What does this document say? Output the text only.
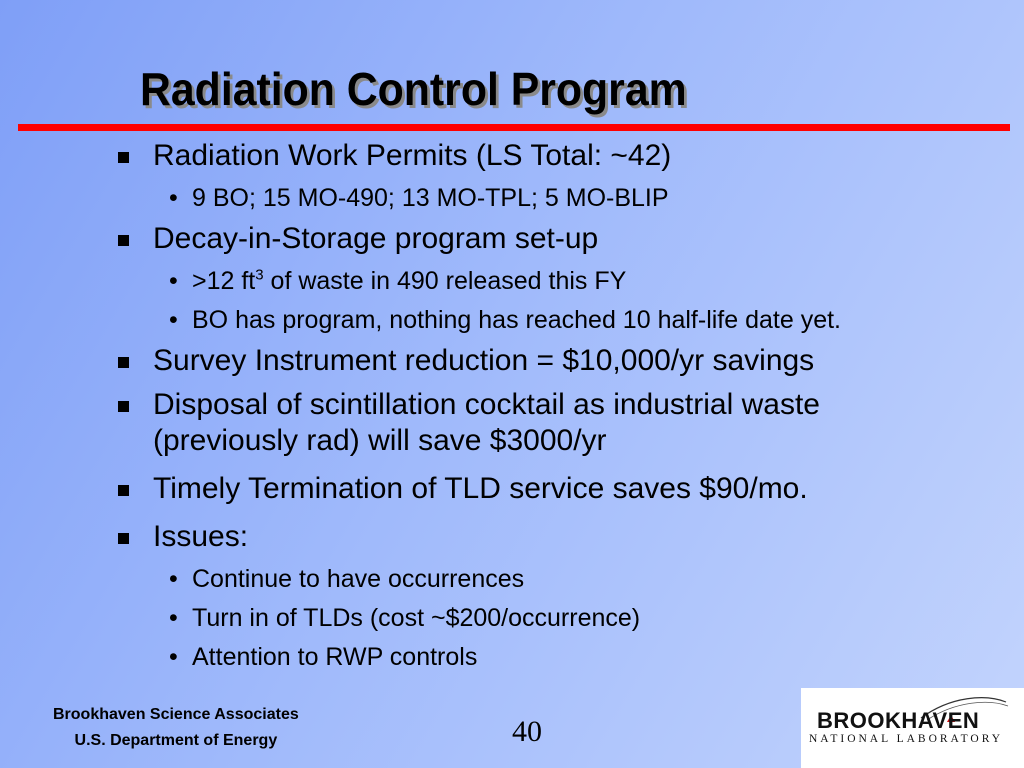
Radiation Control Program
Radiation Work Permits (LS Total: ~42)
• 9 BO; 15 MO-490; 13 MO-TPL; 5 MO-BLIP
Decay-in-Storage program set-up
• >12 $ft^3$ of waste in 490 released this FY
• BO has program, nothing has reached 10 half-life date yet.
Survey Instrument reduction = $10,000/yr savings
Disposal of scintillation cocktail as industrial waste
(previously rad) will save $3000/yr
Timely Termination of TLD service saves $90/mo.
Issues:
• Continue to have occurrences
• Turn in of TLDs (cost ~$200/occurrence)
• Attention to RWP controls
Brookhaven Science Associates
U.S. Department of Energy	40	BROOKHAVEN
NATIONAL LABORATORY
